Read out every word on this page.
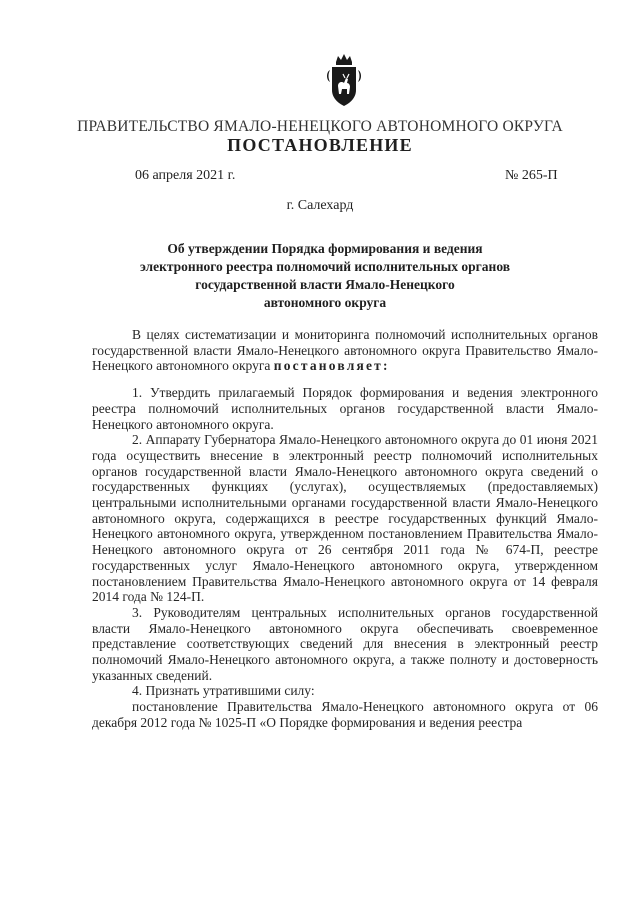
ПРАВИТЕЛЬСТВО ЯМАЛО-НЕНЕЦКОГО АВТОНОМНОГО ОКРУГА
ПОСТАНОВЛЕНИЕ
06 апреля 2021 г.	№ 265-П
г. Салехард
Об утверждении Порядка формирования и ведения
электронного реестра полномочий исполнительных органов
государственной власти Ямало-Ненецкого
автономного округа
В целях систематизации и мониторинга полномочий исполнительных органов государственной власти Ямало-Ненецкого автономного округа Правительство Ямало-Ненецкого автономного округа постановляет:
1. Утвердить прилагаемый Порядок формирования и ведения электронного реестра полномочий исполнительных органов государственной власти Ямало-Ненецкого автономного округа.
2. Аппарату Губернатора Ямало-Ненецкого автономного округа до 01 июня 2021 года осуществить внесение в электронный реестр полномочий исполнительных органов государственной власти Ямало-Ненецкого автономного округа сведений о государственных функциях (услугах), осуществляемых (предоставляемых) центральными исполнительными органами государственной власти Ямало-Ненецкого автономного округа, содержащихся в реестре государственных функций Ямало-Ненецкого автономного округа, утвержденном постановлением Правительства Ямало-Ненецкого автономного округа от 26 сентября 2011 года № 674-П, реестре государственных услуг Ямало-Ненецкого автономного округа, утвержденном постановлением Правительства Ямало-Ненецкого автономного округа от 14 февраля 2014 года № 124-П.
3. Руководителям центральных исполнительных органов государственной власти Ямало-Ненецкого автономного округа обеспечивать своевременное представление соответствующих сведений для внесения в электронный реестр полномочий Ямало-Ненецкого автономного округа, а также полноту и достоверность указанных сведений.
4. Признать утратившими силу:
постановление Правительства Ямало-Ненецкого автономного округа от 06 декабря 2012 года № 1025-П «О Порядке формирования и ведения реестра
